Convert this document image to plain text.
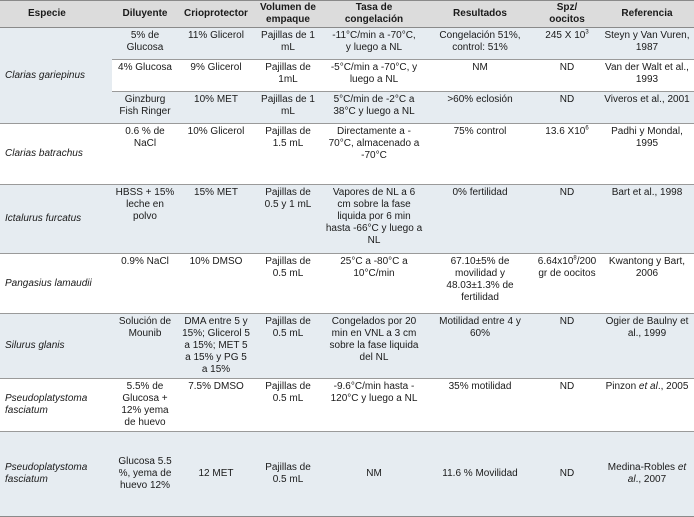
Especie	Diluyente	Crioprotector	Volumen de
empaque	Tasa de
congelación	Resultados	Spz/
oocitos	Referencia
Clarias gariepinus	5% de Glucosa	11% Glicerol	Pajillas de 1 mL	-11°C/min a -70°C,
y luego a NL	Congelación 51%, control: 51%	245 X $10^3$	Steyn y Van Vuren, 1987
	4% Glucosa	9% Glicerol	Pajillas de 1mL	-5°C/min a -70°C, y
luego a NL	NM	ND	Van der Walt et al., 1993
	Ginzburg Fish Ringer	10% MET	Pajillas de 1 mL	5°C/min de -2°C a
38°C y luego a NL	>60% eclosión	ND	Viveros et al., 2001
Clarias batrachus	0.6 % de NaCl	10% Glicerol	Pajillas de 1.5 mL	Directamente a -
70°C, almacenado a -70°C	75% control	13.6 $X10^6$	Padhi y Mondal, 1995
Ictalurus furcatus	HBSS + 15% leche en polvo	15% MET	Pajillas de 0.5 y 1 mL	Vapores de NL a 6 cm sobre la fase liquida por 6 min hasta -66°C y luego a NL	0% fertilidad	ND	Bart et al., 1998
Pangasius lamaudii	0.9% NaCl	10% DMSO	Pajillas de 0.5 mL	25°C a -80°C a
10°C/min	67.10±5% de movilidad y 48.03±1.3% de fertilidad	$6.64x10^8/200$ gr de oocitos	Kwantong y Bart, 2006
Silurus glanis	Solución de Mounib	DMA entre 5 y 15%; Glicerol 5 a 15%; MET 5 a 15% y PG 5 a 15%	Pajillas de 0.5 mL	Congelados por 20 min en VNL a 3 cm sobre la fase liquida del NL	Motilidad entre 4 y 60%	ND	Ogier de Baulny et al., 1999
Pseudoplatystoma fasciatum	5.5% de Glucosa + 12% yema de huevo	7.5% DMSO	Pajillas de 0.5 mL	-9.6°C/min hasta -
120°C y luego a NL	35% motilidad	ND	Pinzon et al., 2005
Pseudoplatystoma fasciatum	Glucosa 5.5 %, yema de huevo 12%	12 MET	Pajillas de 0.5 mL	NM	11.6 % Movilidad	ND	Medina-Robles et al., 2007
